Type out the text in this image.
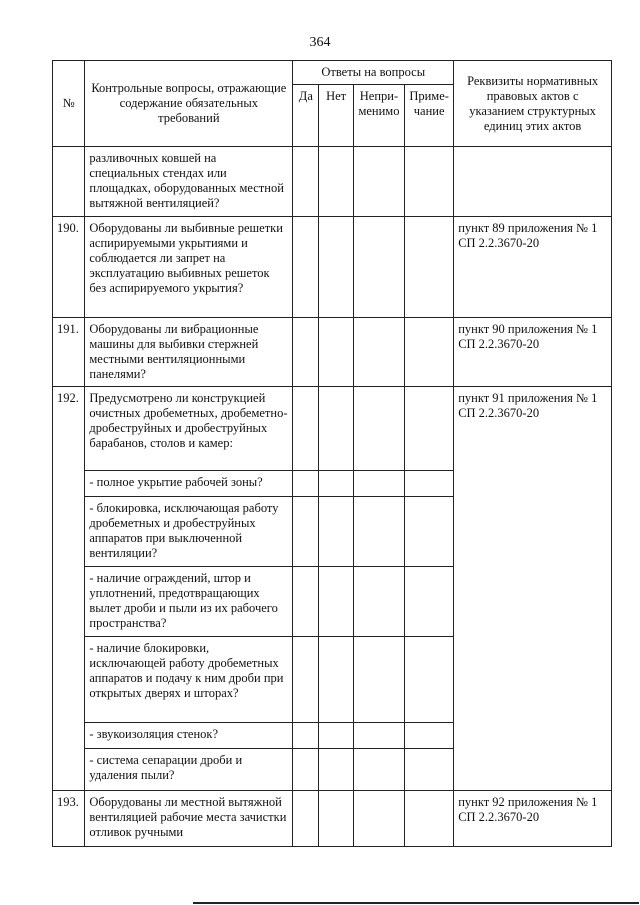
364
№	Контрольные вопросы, отражающие содержание обязательных требований	Ответы на вопросы				Реквизиты нормативных правовых актов с указанием структурных единиц этих актов
		Да	Нет	Непри-менимо	Приме-чание	
	разливочных ковшей на специальных стендах или площадках, оборудованных местной вытяжной вентиляцией?					
190.	Оборудованы ли выбивные решетки аспирируемыми укрытиями и соблюдается ли запрет на эксплуатацию выбивных решеток без аспирируемого укрытия?					пункт 89 приложения № 1 СП 2.2.3670-20
191.	Оборудованы ли вибрационные машины для выбивки стержней местными вентиляционными панелями?					пункт 90 приложения № 1 СП 2.2.3670-20
192.	Предусмотрено ли конструкцией очистных дробеметных, дробеметно-дробеструйных и дробеструйных барабанов, столов и камер:					пункт 91 приложения № 1 СП 2.2.3670-20
	- полное укрытие рабочей зоны?					
	- блокировка, исключающая работу дробеметных и дробеструйных аппаратов при выключенной вентиляции?					
	- наличие ограждений, штор и уплотнений, предотвращающих вылет дроби и пыли из их рабочего пространства?					
	- наличие блокировки, исключающей работу дробеметных аппаратов и подачу к ним дроби при открытых дверях и шторах?					
	- звукоизоляция стенок?					
	- система сепарации дроби и удаления пыли?					
193.	Оборудованы ли местной вытяжной вентиляцией рабочие места зачистки отливок ручными					пункт 92 приложения № 1 СП 2.2.3670-20
